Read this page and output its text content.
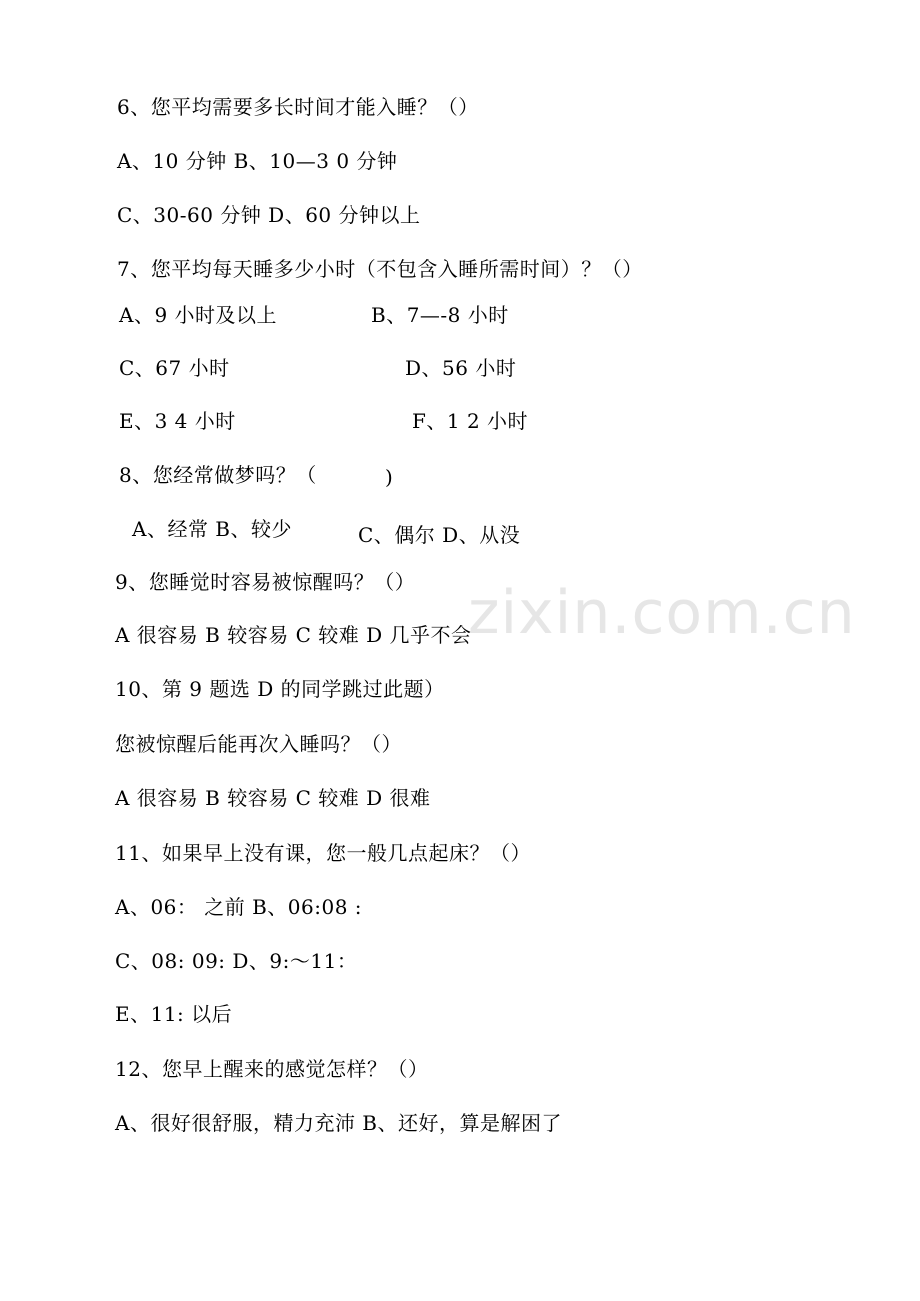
zixin.com.cn
6、您平均需要多长时间才能入睡？（）
A、10 分钟 B、10—3 0 分钟
C、30-60 分钟 D、60 分钟以上
7、您平均每天睡多少小时（不包含入睡所需时间）？（）
A、9 小时及以上	B、7—-8 小时
C、67 小时	D、56 小时
E、3 4 小时	F、1 2 小时
8、您经常做梦吗？（	)
A、经常 B、较少	C、偶尔 D、从没
9、您睡觉时容易被惊醒吗？（）
A 很容易 B 较容易 C 较难 D 几乎不会
10、第 9 题选 D 的同学跳过此题）
您被惊醒后能再次入睡吗？（）
A 很容易 B 较容易 C 较难 D 很难
11、如果早上没有课，您一般几点起床？（）
A、06： 之前 B、06:08 :
C、08: 09: D、9:～11：
E、11: 以后
12、您早上醒来的感觉怎样？（）
A、很好很舒服，精力充沛 B、还好，算是解困了
